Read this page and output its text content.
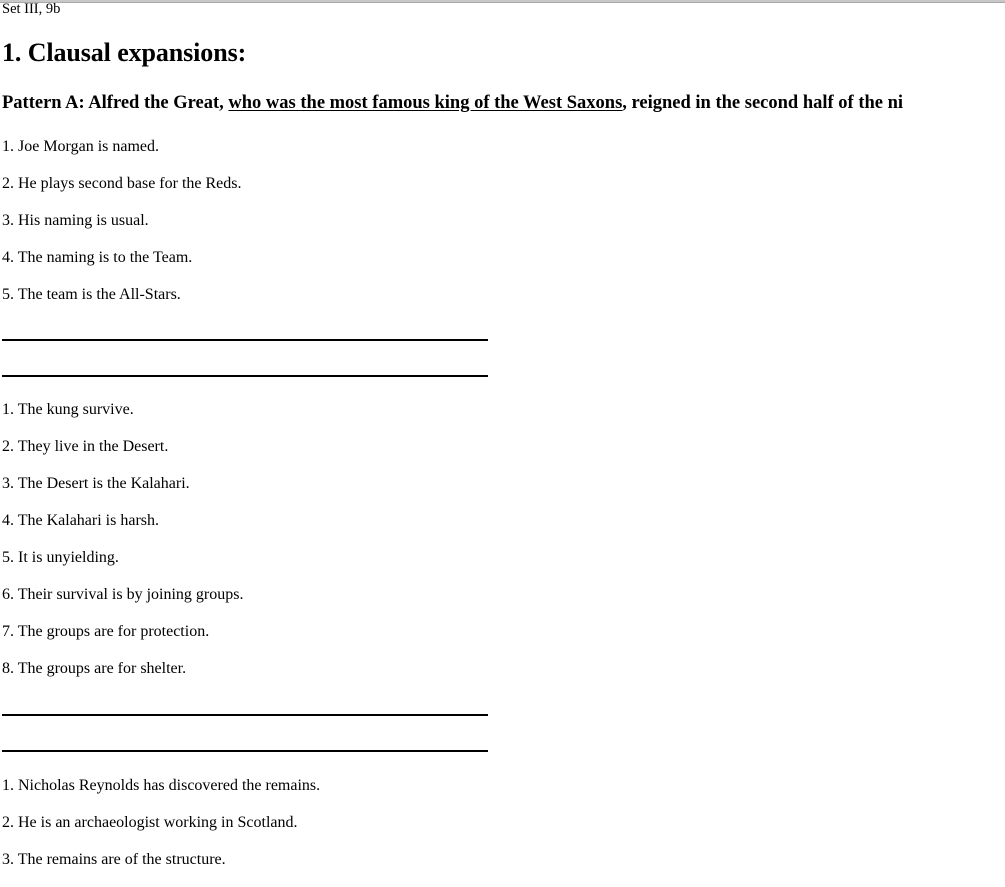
Set III, 9b
1. Clausal expansions:
Pattern A: Alfred the Great, who was the most famous king of the West Saxons, reigned in the second half of the ni
1. Joe Morgan is named.
2. He plays second base for the Reds.
3. His naming is usual.
4. The naming is to the Team.
5. The team is the All-Stars.
1. The kung survive.
2. They live in the Desert.
3. The Desert is the Kalahari.
4. The Kalahari is harsh.
5. It is unyielding.
6. Their survival is by joining groups.
7. The groups are for protection.
8. The groups are for shelter.
1. Nicholas Reynolds has discovered the remains.
2. He is an archaeologist working in Scotland.
3. The remains are of the structure.
